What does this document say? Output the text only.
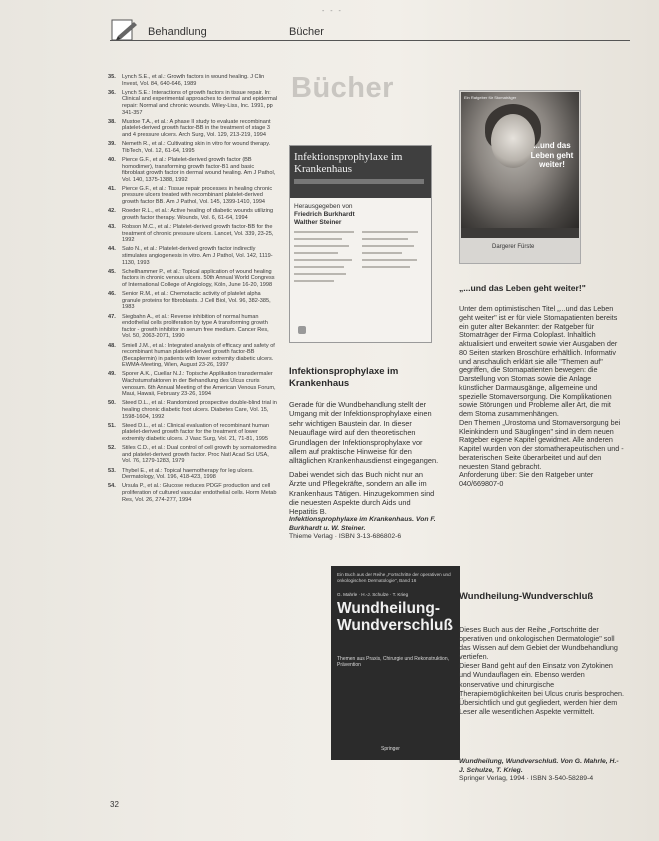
- - -
Behandlung	Bücher
35.	Lynch S.E., et al.: Growth factors in wound healing. J Clin Invest, Vol. 84, 640-646, 1989
36.	Lynch S.E.: Interactions of growth factors in tissue repair. In: Clinical and experimental approaches to dermal and epidermal repair: Normal and chronic wounds. Wiley-Liss, Inc. 1991, pp 341-357
38.	Mustoe T.A., et al.: A phase II study to evaluate recombinant platelet-derived growth factor-BB in the treatment of stage 3 and 4 pressure ulcers. Arch Surg, Vol. 129, 213-219, 1994
39.	Nemeth R., et al.: Cultivating skin in vitro for wound therapy. TibTech, Vol. 12, 61-64, 1995
40.	Pierce G.F., et al.: Platelet-derived growth factor (BB homodimer), transforming growth factor-B1 and basic fibroblast growth factor in dermal wound healing. Am J Pathol, Vol. 140, 1375-1388, 1992
41.	Pierce G.F., et al.: Tissue repair processes in healing chronic pressure ulcers treated with recombinant platelet-derived growth factor BB. Am J Pathol, Vol. 145, 1399-1410, 1994
42.	Roeder R.L., et al.: Active healing of diabetic wounds utilizing growth factor therapy. Wounds, Vol. 6, 61-64, 1994
43.	Robson M.C., et al.: Platelet-derived growth factor-BB for the treatment of chronic pressure ulcers. Lancet, Vol. 339, 23-25, 1992
44.	Sato N., et al.: Platelet-derived growth factor indirectly stimulates angiogenesis in vitro. Am J Pathol, Vol. 142, 1119-1130, 1993
45.	Schellhammer P., et al.: Topical application of wound healing factors in chronic venous ulcers. 50th Annual World Congress of International College of Angiology, Köln, June 16-20, 1998
46.	Senior R.M., et al.: Chemotactic activity of platelet alpha granule proteins for fibroblasts. J Cell Biol, Vol. 96, 382-385, 1983
47.	Siegbahn A., et al.: Reverse inhibition of normal human endothelial cells proliferation by type A transforming growth factor - growth inhibitor in serum free medium. Cancer Res, Vol. 50, 2063-2071, 1990
48.	Smiell J.M., et al.: Integrated analysis of efficacy and safety of recombinant human platelet-derived growth factor-BB (Becaplermin) in patients with lower extremity diabetic ulcers. EWMA-Meeting, Wien, August 23-26, 1997
49.	Sporer A.K., Cuellar N.J.: Topische Applikation transdermaler Wachstumsfaktoren in der Behandlung des Ulcus cruris venosum. 6th Annual Meeting of the American Venous Forum, Maui, Hawaii, February 23-26, 1994
50.	Steed D.L., et al.: Randomized prospective double-blind trial in healing chronic diabetic foot ulcers. Diabetes Care, Vol. 15, 1598-1604, 1992
51.	Steed D.L., et al.: Clinical evaluation of recombinant human platelet-derived growth factor for the treatment of lower extremity diabetic ulcers. J Vasc Surg, Vol. 21, 71-81, 1995
52.	Stiles C.D., et al.: Dual control of cell growth by somatomedins and platelet-derived growth factor. Proc Natl Acad Sci USA, Vol. 76, 1279-1283, 1979
53.	Thybel E., et al.: Topical haemotherapy for leg ulcers. Dermatology, Vol. 196, 418-423, 1998
54.	Ursula P., et al.: Glucose reduces PDGF production and cell proliferation of cultured vascular endothelial cells. Horm Metab Res, Vol. 26, 274-277, 1994
32
Bücher
Infektionsprophylaxe im Krankenhaus
Herausgegeben von
Friedrich Burkhardt
Walther Steiner
Infektionsprophylaxe im Krankenhaus

Gerade für die Wundbehandlung stellt der Umgang mit der Infektionsprophylaxe einen sehr wichtigen Baustein dar. In dieser Neuauflage wird auf den theoretischen Grundlagen der Infektionsprophylaxe vor allem auf praktische Hinweise für den alltäglichen Krankenhausdienst eingegangen.

Dabei wendet sich das Buch nicht nur an Ärzte und Pflegekräfte, sondern an alle im Krankenhaus Tätigen. Hinzugekommen sind die neuesten Aspekte durch Aids und Hepatitis B.

Infektionsprophylaxe im Krankenhaus. Von F. Burkhardt u. W. Steiner.
Thieme Verlag · ISBN 3-13-686802-6
Ein Buch aus der Reihe „Fortschritte der operativen und onkologischen Dermatologie", Band 16
G. Mahrle · H.-J. Schulze · T. Krieg
Wundheilung-Wundverschluß
Themen aus Praxis, Chirurgie und Rekonstruktion, Prävention
Springer
Ein Ratgeber für Stomaträger
...und das Leben geht weiter!
Dargerer Fürste
„...und das Leben geht weiter!"
Unter dem optimistischen Titel „...und das Leben geht weiter" ist er für viele Stomapatienten bereits ein guter alter Bekannter: der Ratgeber für Stomaträger der Firma Coloplast. Inhaltlich aktualisiert und erweitert sowie vier Ausgaben der 80 Seiten starken Broschüre erhältlich. Informativ und anschaulich erklärt sie alle "Themen auf" gegriffen, die Stomapatienten bewegen: die Darstellung von Stomas sowie die Anlage künstlicher Darmausgänge, allgemeine und spezielle Stomaversorgung. Die Komplikationen sowie Störungen und Probleme aller Art, die mit dem Stoma zusammenhängen.
Den Themen „Urostoma und Stomaversorgung bei Kleinkindern und Säuglingen" sind in dem neuen Ratgeber eigene Kapitel gewidmet. Alle anderen Kapitel wurden von der stomatherapeutischen und -beraterischen Seite überarbeitet und auf den neuesten Stand gebracht.
Anforderung über: Sie den Ratgeber unter 040/669807-0
Wundheilung-Wundverschluß
Dieses Buch aus der Reihe „Fortschritte der operativen und onkologischen Dermatologie" soll das Wissen auf dem Gebiet der Wundbehandlung vertiefen.
Dieser Band geht auf den Einsatz von Zytokinen und Wundauflagen ein. Ebenso werden konservative und chirurgische Therapiemöglichkeiten bei Ulcus cruris besprochen. Übersichtlich und gut gegliedert, werden hier dem Leser alle wesentlichen Aspekte vermittelt.
Wundheilung, Wundverschluß. Von G. Mahrle, H.-J. Schulze, T. Krieg.
Springer Verlag, 1994 · ISBN 3-540-58289-4
